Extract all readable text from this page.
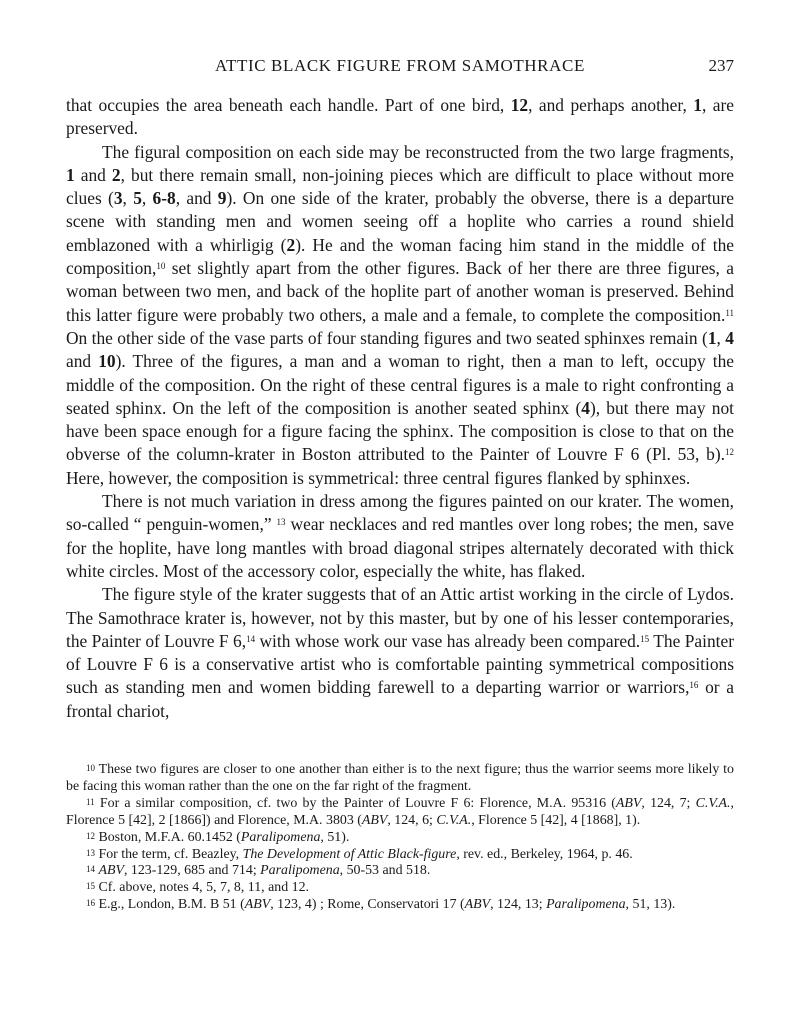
ATTIC BLACK FIGURE FROM SAMOTHRACE	237

that occupies the area beneath each handle. Part of one bird, 12, and perhaps another, 1, are preserved.

The figural composition on each side may be reconstructed from the two large fragments, 1 and 2, but there remain small, non-joining pieces which are difficult to place without more clues (3, 5, 6-8, and 9). On one side of the krater, probably the obverse, there is a departure scene with standing men and women seeing off a hoplite who carries a round shield emblazoned with a whirligig (2). He and the woman facing him stand in the middle of the composition,$^{10}$ set slightly apart from the other figures. Back of her there are three figures, a woman between two men, and back of the hoplite part of another woman is preserved. Behind this latter figure were probably two others, a male and a female, to complete the composition.$^{11}$ On the other side of the vase parts of four standing figures and two seated sphinxes remain (1, 4 and 10). Three of the figures, a man and a woman to right, then a man to left, occupy the middle of the composition. On the right of these central figures is a male to right confronting a seated sphinx. On the left of the composition is another seated sphinx (4), but there may not have been space enough for a figure facing the sphinx. The composition is close to that on the obverse of the column-krater in Boston attributed to the Painter of Louvre F 6 (Pl. 53, b).$^{12}$ Here, however, the composition is symmetrical: three central figures flanked by sphinxes.

There is not much variation in dress among the figures painted on our krater. The women, so-called “ penguin-women,” $^{13}$ wear necklaces and red mantles over long robes; the men, save for the hoplite, have long mantles with broad diagonal stripes alternately decorated with thick white circles. Most of the accessory color, especially the white, has flaked.

The figure style of the krater suggests that of an Attic artist working in the circle of Lydos. The Samothrace krater is, however, not by this master, but by one of his lesser contemporaries, the Painter of Louvre F 6,14 with whose work our vase has already been compared.$^{15}$ The Painter of Louvre F 6 is a conservative artist who is comfortable painting symmetrical compositions such as standing men and women bidding farewell to a departing warrior or warriors,$^{16}$ or a frontal chariot,

$^{10}$ These two figures are closer to one another than either is to the next figure; thus the warrior seems more likely to be facing this woman rather than the one on the far right of the fragment.

$^{11}$ For a similar composition, cf. two by the Painter of Louvre F 6: Florence, M.A. 95316 (ABV, 124, 7; C.V.A., Florence 5 [42], 2 [1866]) and Florence, M.A. 3803 (ABV, 124, 6; C.V.A., Florence 5 [42], 4 [1868], 1).

$^{12}$ Boston, M.F.A. 60.1452 (Paralipomena, 51).

$^{13}$ For the term, cf. Beazley, The Development of Attic Black-figure, rev. ed., Berkeley, 1964, p. 46.

$^{14}$ ABV, 123-129, 685 and 714; Paralipomena, 50-53 and 518.

$^{15}$ Cf. above, notes 4, 5, 7, 8, 11, and 12.

$^{16}$ E.g., London, B.M. B 51 (ABV, 123, 4) ; Rome, Conservatori 17 (ABV, 124, 13; Paralipomena, 51, 13).
